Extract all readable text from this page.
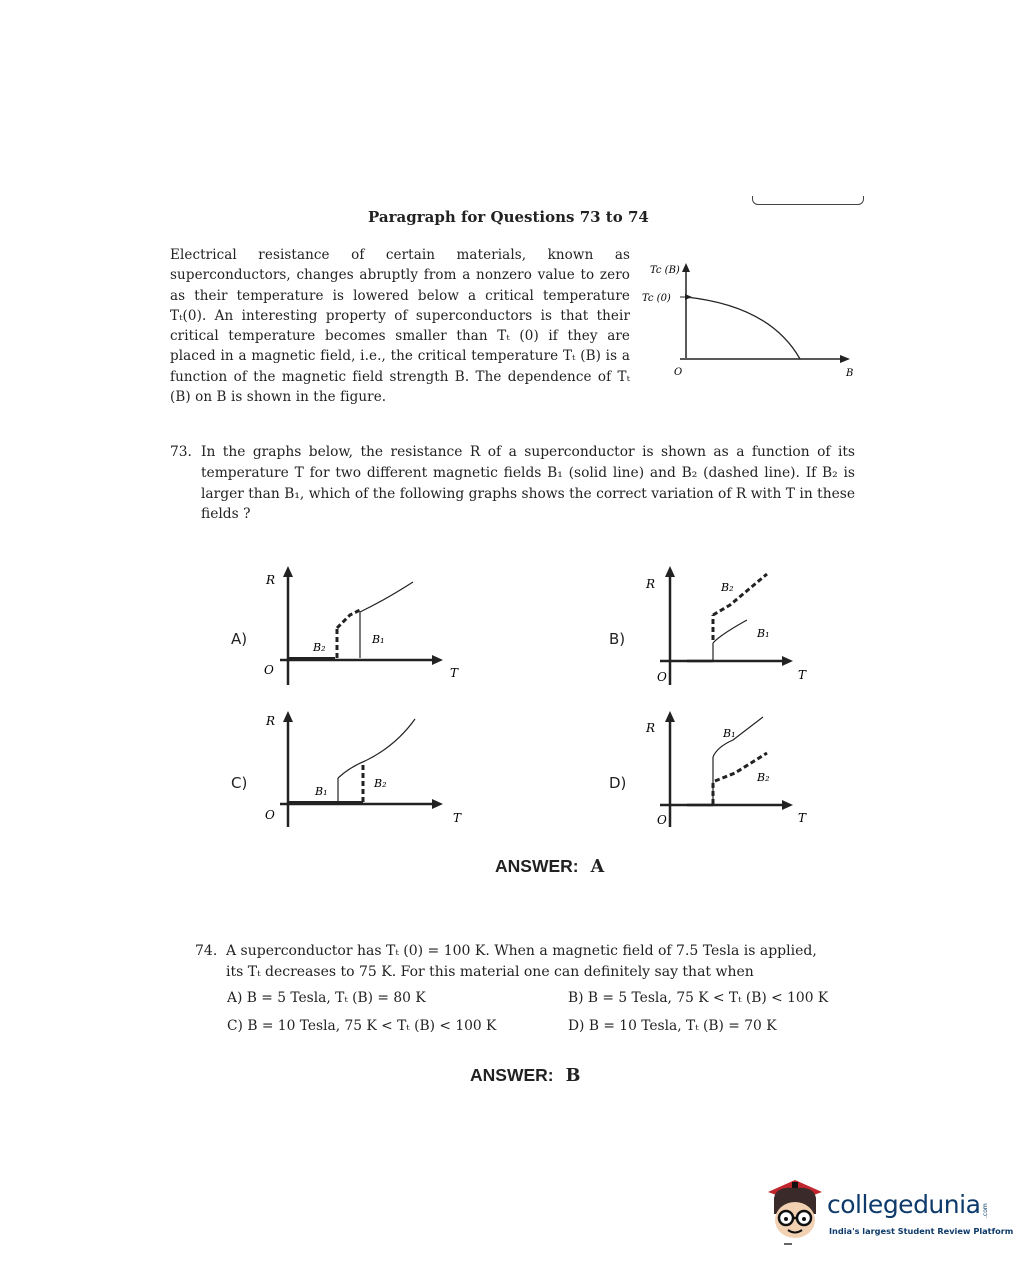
Paragraph for Questions 73 to 74
Electrical resistance of certain materials, known as superconductors, changes abruptly from a nonzero value to zero as their temperature is lowered below a critical temperature Tₜ(0). An interesting property of superconductors is that their critical temperature becomes smaller than Tₜ (0) if they are placed in a magnetic field, i.e., the critical temperature Tₜ (B) is a function of the magnetic field strength B. The dependence of Tₜ (B) on B is shown in the figure.
Tc (B)
Tc (0)
O	B
73. In the graphs below, the resistance R of a superconductor is shown as a function of its temperature T for two different magnetic fields B₁ (solid line) and B₂ (dashed line). If B₂ is larger than B₁, which of the following graphs shows the correct variation of R with T in these fields ?
A)
R
O	T
B₂
B₁	B)
R
O	T
B₂
B₁
C)
R
O	T
B₁
B₂	D)
R
O	T
B₁
B₂
ANSWER: A
74. A superconductor has Tₜ (0) = 100 K. When a magnetic field of 7.5 Tesla is applied,
its Tₜ decreases to 75 K. For this material one can definitely say that when
A) B = 5 Tesla, Tₜ (B) = 80 K	B) B = 5 Tesla, 75 K < Tₜ (B) < 100 K
C) B = 10 Tesla, 75 K < Tₜ (B) < 100 K	D) B = 10 Tesla, Tₜ (B) = 70 K
ANSWER: B
collegedunia .com
India's largest Student Review Platform
